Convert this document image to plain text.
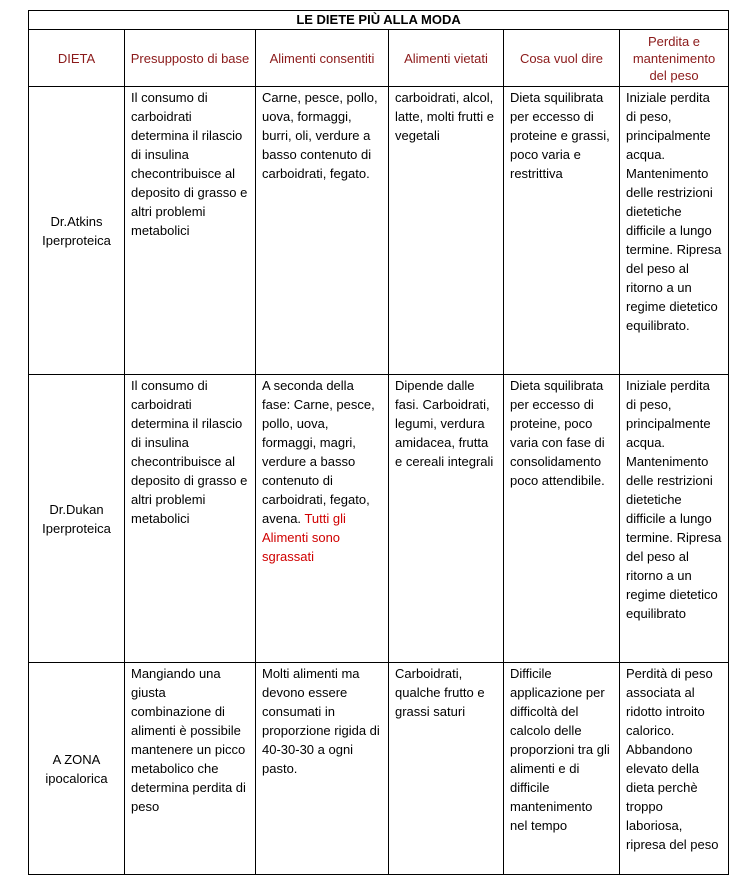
LE DIETE PIÙ ALLA MODA					
DIETA	Presupposto di base	Alimenti consentiti	Alimenti vietati	Cosa vuol dire	Perdita e mantenimento del peso

Dr.Atkins
Iperproteica	Il consumo di carboidrati determina il rilascio di insulina checontribuisce al deposito di grasso e altri problemi metabolici	Carne, pesce, pollo, uova, formaggi, burri, oli, verdure a basso contenuto di carboidrati, fegato.	carboidrati, alcol, latte, molti frutti e vegetali	Dieta squilibrata per eccesso di proteine e grassi, poco varia e restrittiva	Iniziale perdita di peso, principalmente acqua. Mantenimento delle restrizioni dietetiche difficile a lungo termine. Ripresa del peso al ritorno a un regime dietetico equilibrato.

Dr.Dukan
Iperproteica	Il consumo di carboidrati determina il rilascio di insulina checontribuisce al deposito di grasso e altri problemi metabolici	A seconda della fase: Carne, pesce, pollo, uova, formaggi, magri, verdure a basso contenuto di carboidrati, fegato, avena. Tutti gli Alimenti sono sgrassati	Dipende dalle fasi. Carboidrati, legumi, verdura amidacea, frutta e cereali integrali	Dieta squilibrata per eccesso di proteine, poco varia con fase di consolidamento poco attendibile.	Iniziale perdita di peso, principalmente acqua. Mantenimento delle restrizioni dietetiche difficile a lungo termine. Ripresa del peso al ritorno a un regime dietetico equilibrato

A ZONA
ipocalorica	Mangiando una giusta combinazione di alimenti è possibile mantenere un picco metabolico che determina perdita di peso	Molti alimenti ma devono essere consumati in proporzione rigida di 40-30-30 a ogni pasto.	Carboidrati, qualche frutto e grassi saturi	Difficile applicazione per difficoltà del calcolo delle proporzioni tra gli alimenti e di difficile mantenimento nel tempo	Perdità di peso associata al ridotto introito calorico. Abbandono elevato della dieta perchè troppo laboriosa, ripresa del peso
